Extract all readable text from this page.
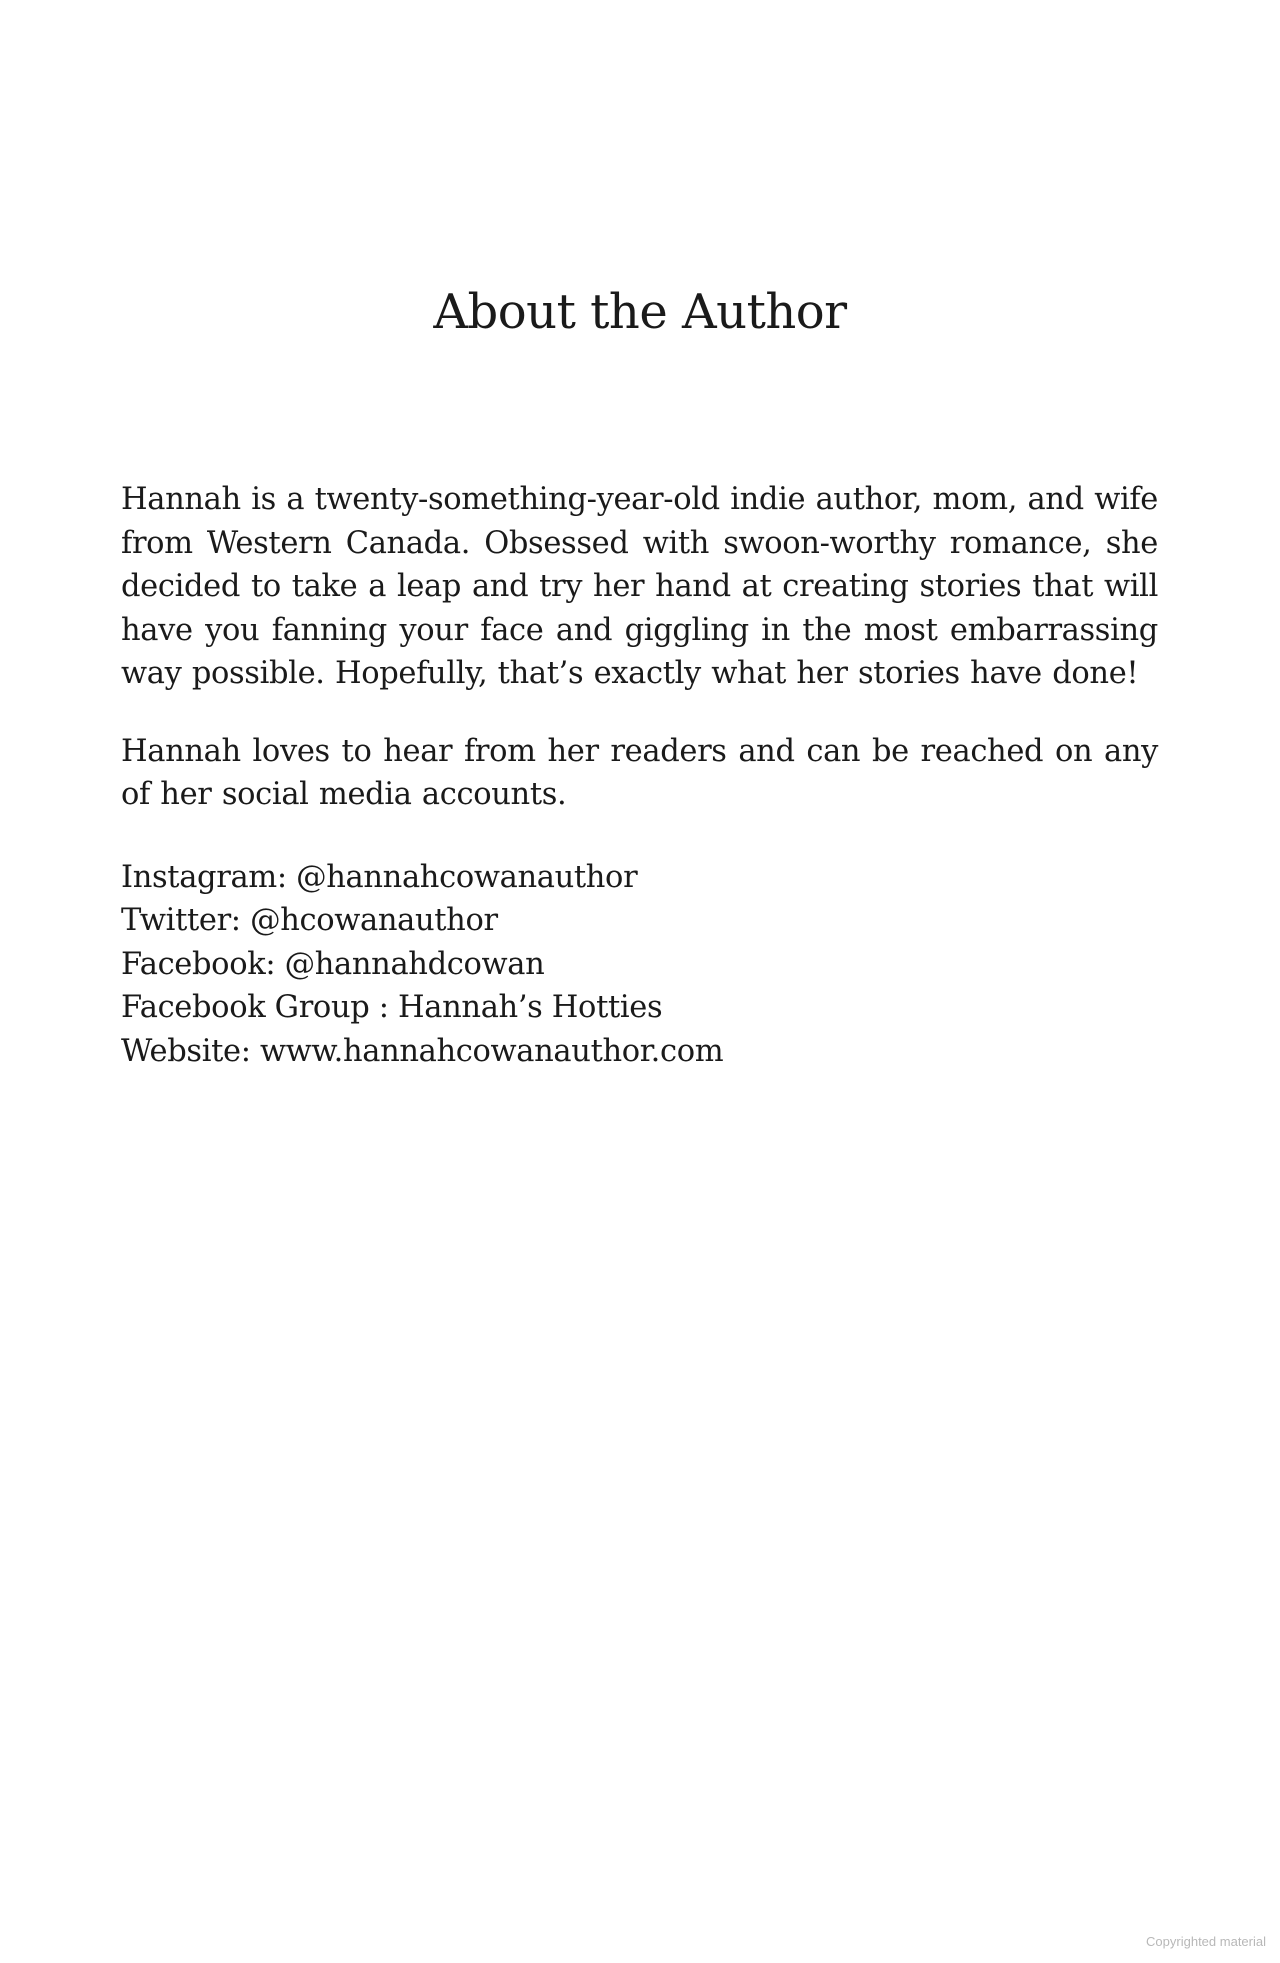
About the Author

Hannah is a twenty-something-year-old indie author, mom, and wife from Western Canada. Obsessed with swoon-worthy romance, she decided to take a leap and try her hand at creating stories that will have you fanning your face and giggling in the most embarrassing way possible. Hopefully, that’s exactly what her stories have done!

Hannah loves to hear from her readers and can be reached on any of her social media accounts.

Instagram: @hannahcowanauthor
Twitter: @hcowanauthor
Facebook: @hannahdcowan
Facebook Group : Hannah’s Hotties
Website: www.hannahcowanauthor.com
Copyrighted material
